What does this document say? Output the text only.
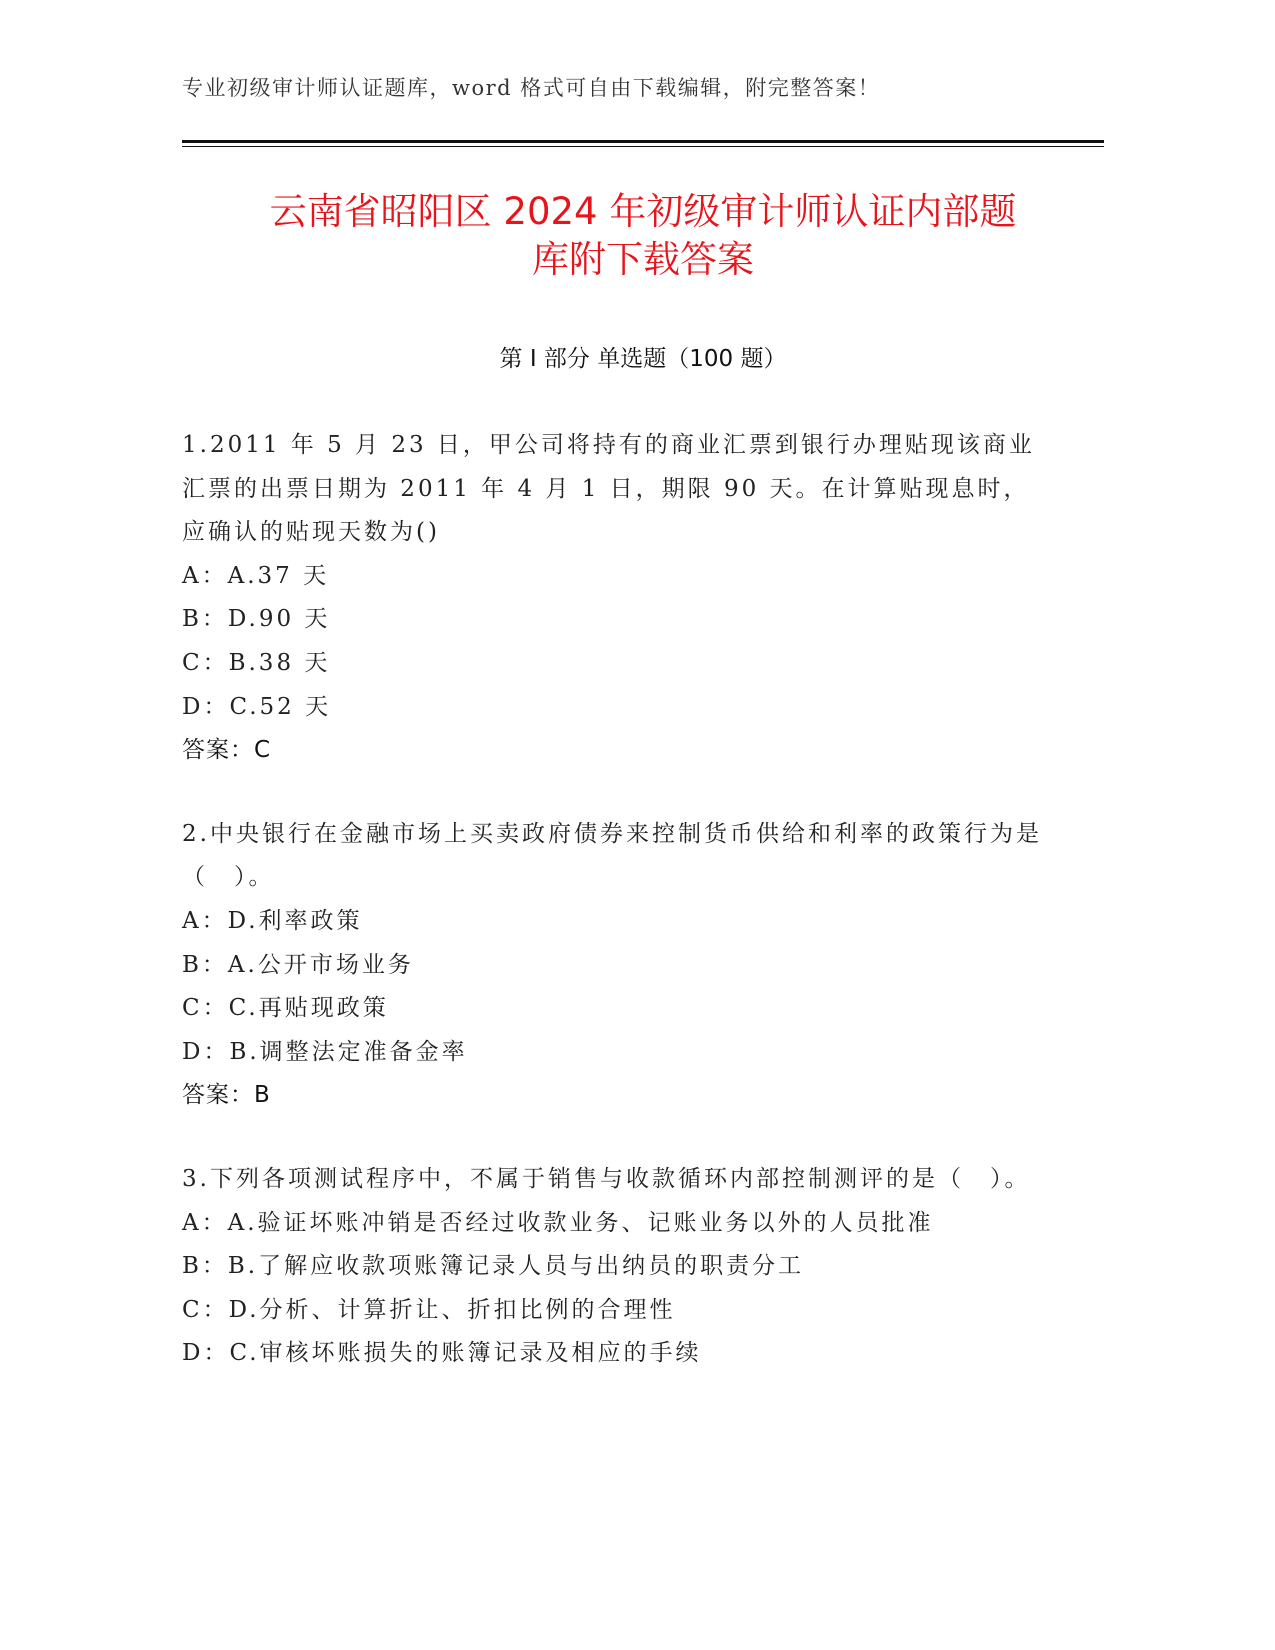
专业初级审计师认证题库，word 格式可自由下载编辑，附完整答案！
云南省昭阳区 2024 年初级审计师认证内部题
库附下载答案
第 I 部分 单选题（100 题）
1.2011 年 5 月 23 日，甲公司将持有的商业汇票到银行办理贴现该商业汇票的出票日期为 2011 年 4 月 1 日，期限 90 天。在计算贴现息时，应确认的贴现天数为()
A：A.37 天
B：D.90 天
C：B.38 天
D：C.52 天
答案：C
2.中央银行在金融市场上买卖政府债券来控制货币供给和利率的政策行为是（　）。
A：D.利率政策
B：A.公开市场业务
C：C.再贴现政策
D：B.调整法定准备金率
答案：B
3.下列各项测试程序中，不属于销售与收款循环内部控制测评的是（　）。
A：A.验证坏账冲销是否经过收款业务、记账业务以外的人员批准
B：B.了解应收款项账簿记录人员与出纳员的职责分工
C：D.分析、计算折让、折扣比例的合理性
D：C.审核坏账损失的账簿记录及相应的手续
